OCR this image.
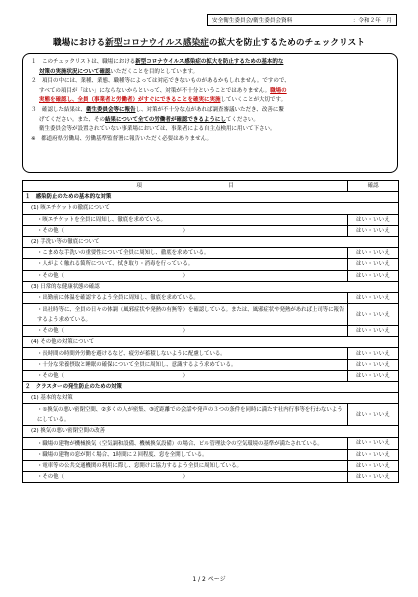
安全衛生委員会/衛生委員会資料	：令和２年　月
職場における新型コロナウイルス感染症の拡大を防止するためのチェックリスト
１　このチェックリストは、職場における新型コロナウイルス感染症の拡大を防止するための基本的な
対策の実施状況について確認いただくことを目的としています。
２　項目の中には、業種、業態、職種等によっては対応できないものがあるかもしれません。ですので、
すべての項目が「はい」にならないからといって、対策が不十分ということではありません。職場の
実態を確認し、全員（事業者と労働者）がすぐにできることを確実に実施していくことが大切です。
３　確認した結果は、衛生委員会等に報告し、対策が不十分な点があれば調査審議いただき、改善に繋
げてください。また、その結果について全ての労働者が確認できるようにしてください。
衛生委員会等が設置されていない事業場においては、事業者による自主点検用に用いて下さい。
※　都道府県労働局、労働基準監督署に報告いただく必要はありません。
項　　　　　　　　　　　　　　　　目	確認
１　感染防止のための基本的な対策	
(1) 咳エチケットの徹底について	
・咳エチケットを全員に周知し、徹底を求めている。	はい・いいえ
・その他（　　　　　　　　　　　　　　　　　　　　　　）	はい・いいえ
(2) 手洗い等の徹底について	
・こまめな手洗いの重要性について全員に周知し、徹底を求めている。	はい・いいえ
・人がよく触れる箇所について、拭き取り・消毒を行っている。	はい・いいえ
・その他（　　　　　　　　　　　　　　　　　　　　　　）	はい・いいえ
(3) 日常的な健康状態の確認	
・出勤前に体温を確認するよう全員に周知し、徹底を求めている。	はい・いいえ
・出社時等に、全員の日々の体調（風邪症状や発熱の有無等）を確認している。または、風邪症状や発熱があれば上司等に報告するよう求めている。	はい・いいえ
・その他（　　　　　　　　　　　　　　　　　　　　　　）	はい・いいえ
(4) その他の対策について	
・長時間の時間外労働を避けるなど、疲労が蓄積しないように配慮している。	はい・いいえ
・十分な栄養摂取と睡眠の確保について全員に周知し、意識するよう求めている。	はい・いいえ
・その他（　　　　　　　　　　　　　　　　　　　　　　）	はい・いいえ
２　クラスターの発生防止のための対策	
(1) 基本的な対策	
・①換気の悪い密閉空間、②多くの人が密集、③近距離での会話や発声の３つの条件を同時に満たす社内行事等を行わないようにしている。	はい・いいえ
(2) 換気の悪い密閉空間の改善	
・職場の建物が機械換気（空気調和設備、機械換気設備）の場合、ビル管理法令の空気環境の基準が満たされている。	はい・いいえ
・職場の建物の窓が開く場合、1時間に２回程度、窓を全開している。	はい・いいえ
・電車等の公共交通機関の利用に際し、窓開けに協力するよう全員に周知している。	はい・いいえ
・その他（　　　　　　　　　　　　　　　　　　　　　　）	はい・いいえ
1 / 2 ページ
